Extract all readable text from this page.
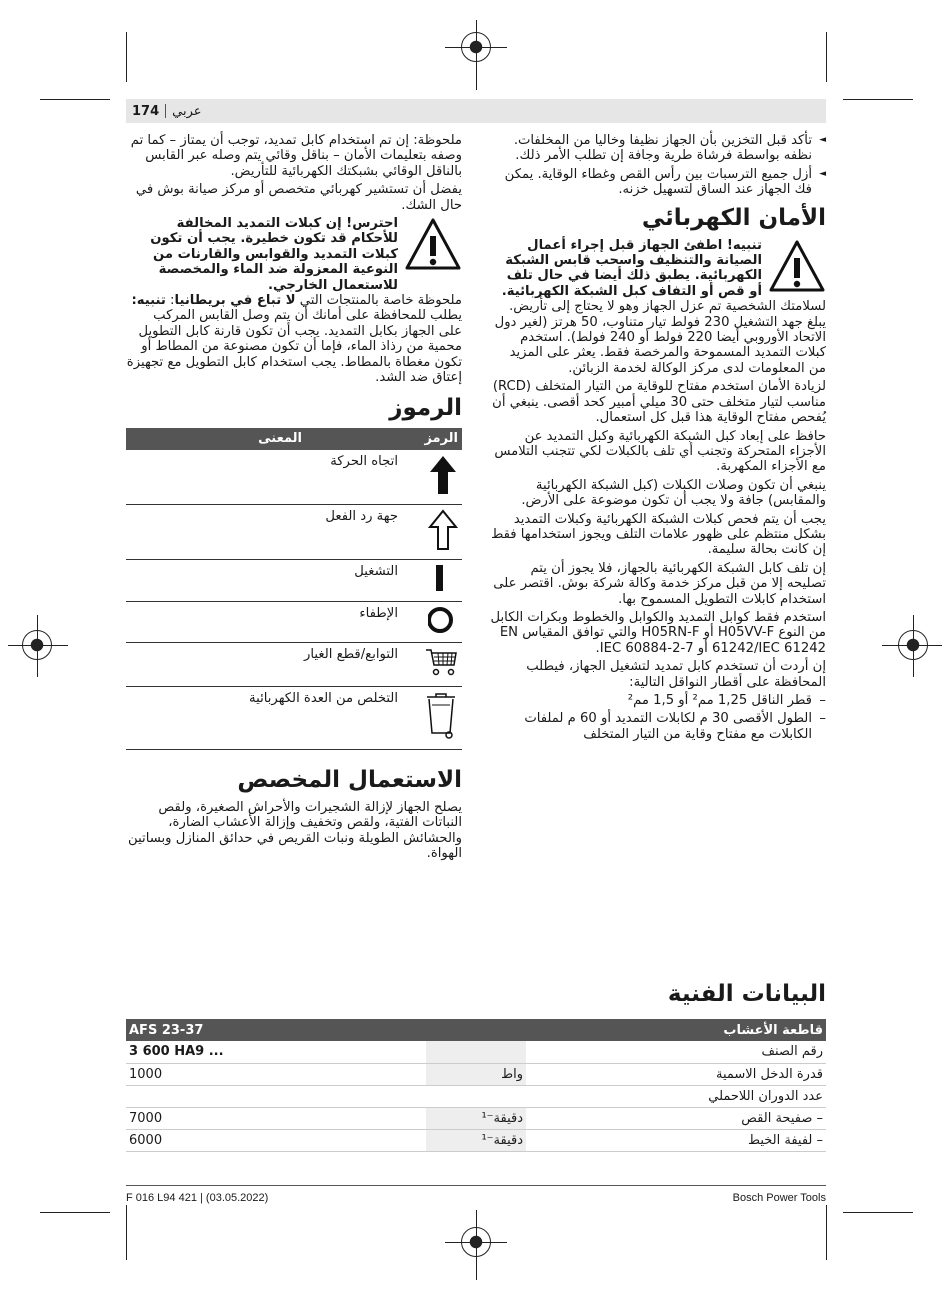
174 عربي

◄ تأكد قبل التخزين بأن الجهاز نظيفا وخاليا من المخلفات. نظفه بواسطة فرشاة طرية وجافة إن تطلب الأمر ذلك.

◄ أزل جميع الترسبات بين رأس القص وغطاء الوقاية. يمكن فك الجهاز عند الساق لتسهيل خزنه.

الأمان الكهربائي
تنبيه! اطفئ الجهاز قبل إجراء أعمال الصيانة والتنظيف واسحب قابس الشبكة الكهربائية. يطبق ذلك أيضا في حال تلف أو قص أو التفاف كبل الشبكة الكهربائية.

لسلامتك الشخصية تم عزل الجهاز وهو لا يحتاج إلى تأريض. يبلغ جهد التشغيل 230 فولط تيار متناوب، 50 هرتز (لغير دول الاتحاد الأوروبي أيضا 220 فولط أو 240 فولط). استخدم كبلات التمديد المسموحة والمرخصة فقط. يعثر على المزيد من المعلومات لدى مركز الوكالة لخدمة الزبائن.

لزيادة الأمان استخدم مفتاح للوقاية من التيار المتخلف (RCD) مناسب لتيار متخلف حتى 30 ميلي أمبير كحد أقصى. ينبغي أن يُفحص مفتاح الوقاية هذا قبل كل استعمال.

حافظ على إبعاد كبل الشبكة الكهربائية وكبل التمديد عن الأجزاء المتحركة وتجنب أي تلف بالكبلات لكي تتجنب التلامس مع الأجزاء المكهربة.

ينبغي أن تكون وصلات الكبلات (كبل الشبكة الكهربائية والمقابس) جافة ولا يجب أن تكون موضوعة على الأرض.

يجب أن يتم فحص كبلات الشبكة الكهربائية وكبلات التمديد بشكل منتظم على ظهور علامات التلف ويجوز استخدامها فقط إن كانت بحالة سليمة.

إن تلف كابل الشبكة الكهربائية بالجهاز، فلا يجوز أن يتم تصليحه إلا من قبل مركز خدمة وكالة شركة بوش. اقتصر على استخدام كابلات التطويل المسموح بها.

استخدم فقط كوابل التمديد والكوابل والخطوط وبكرات الكابل من النوع H05VV-F أو H05RN-F والتي توافق المقياس EN 61242/IEC 61242 أو IEC 60884-2-7.

إن أردت أن تستخدم كابل تمديد لتشغيل الجهاز، فيطلب المحافظة على أقطار النواقل التالية:

– قطر الناقل 1,25 مم² أو 1,5 مم²

– الطول الأقصى 30 م لكابلات التمديد أو 60 م لملفات الكابلات مع مفتاح وقاية من التيار المتخلف

ملحوظة: إن تم استخدام كابل تمديد، توجب أن يمتاز – كما تم وصفه بتعليمات الأمان – بناقل وقائي يتم وصله عبر القابس بالناقل الوقائي بشبكتك الكهربائية للتأريض.

يفضل أن تستشير كهربائي متخصص أو مركز صيانة بوش في حال الشك.

احترس! إن كبلات التمديد المخالفة للأحكام قد تكون خطيرة. يجب أن تكون كبلات التمديد والقوابس والقارنات من النوعية المعزولة ضد الماء والمخصصة للاستعمال الخارجي.

ملحوظة خاصة بالمنتجات التي لا تباع في بريطانيا: تنبيه: يطلب للمحافظة على أمانك أن يتم وصل القابس المركب على الجهاز بكابل التمديد. يجب أن تكون قارنة كابل التطويل محمية من رذاذ الماء، فإما أن تكون مصنوعة من المطاط أو تكون مغطاة بالمطاط. يجب استخدام كابل التطويل مع تجهيزة إعتاق ضد الشد.

الرموز
الرمز	المعنى
	اتجاه الحركة
	جهة رد الفعل
	التشغيل
	الإطفاء
	التوابع/قطع الغيار
	التخلص من العدة الكهربائية
الاستعمال المخصص

يصلح الجهاز لإزالة الشجيرات والأحراش الصغيرة، ولقص النباتات الفتية، ولقص وتخفيف وإزالة الأعشاب الضارة، والحشائش الطويلة ونبات القريص في حدائق المنازل وبساتين الهواة.

البيانات الفنية
AFS 23-37		قاطعة الأعشاب
3 600 HA9 ...		رقم الصنف
1000	واط	قدرة الدخل الاسمية
		عدد الدوران اللاحملي
7000	دقيقة⁻¹	– صفيحة القص
6000	دقيقة⁻¹	– لفيفة الخيط
F 016 L94 421 | (03.05.2022)	Bosch Power Tools
